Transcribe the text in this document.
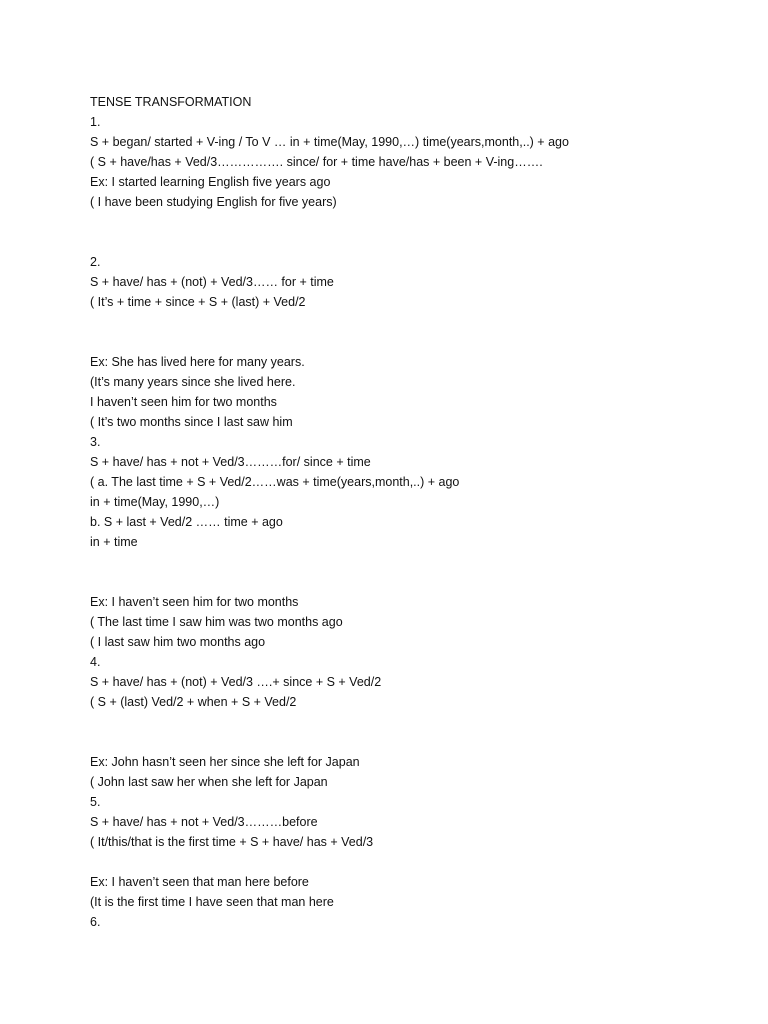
TENSE TRANSFORMATION
1.
S + began/ started + V-ing / To V … in + time(May, 1990,…) time(years,month,..) + ago
( S + have/has + Ved/3……………. since/ for + time have/has + been + V-ing…….
Ex: I started learning English five years ago
( I have been studying English for five years)
2.
S + have/ has + (not) + Ved/3…… for + time
( It’s + time + since + S + (last) + Ved/2
Ex: She has lived here for many years.
(It’s many years since she lived here.
I haven’t seen him for two months
( It’s two months since I last saw him
3.
S + have/ has + not + Ved/3………for/ since + time
( a. The last time + S + Ved/2……was + time(years,month,..) + ago
in + time(May, 1990,…)
b. S + last + Ved/2 …… time + ago
in + time
Ex: I haven’t seen him for two months
( The last time I saw him was two months ago
( I last saw him two months ago
4.
S + have/ has + (not) + Ved/3 ….+ since + S + Ved/2
( S + (last) Ved/2 + when + S + Ved/2
Ex: John hasn’t seen her since she left for Japan
( John last saw her when she left for Japan
5.
S + have/ has + not + Ved/3………before
( It/this/that is the first time + S + have/ has + Ved/3
Ex: I haven’t seen that man here before
(It is the first time I have seen that man here
6.
